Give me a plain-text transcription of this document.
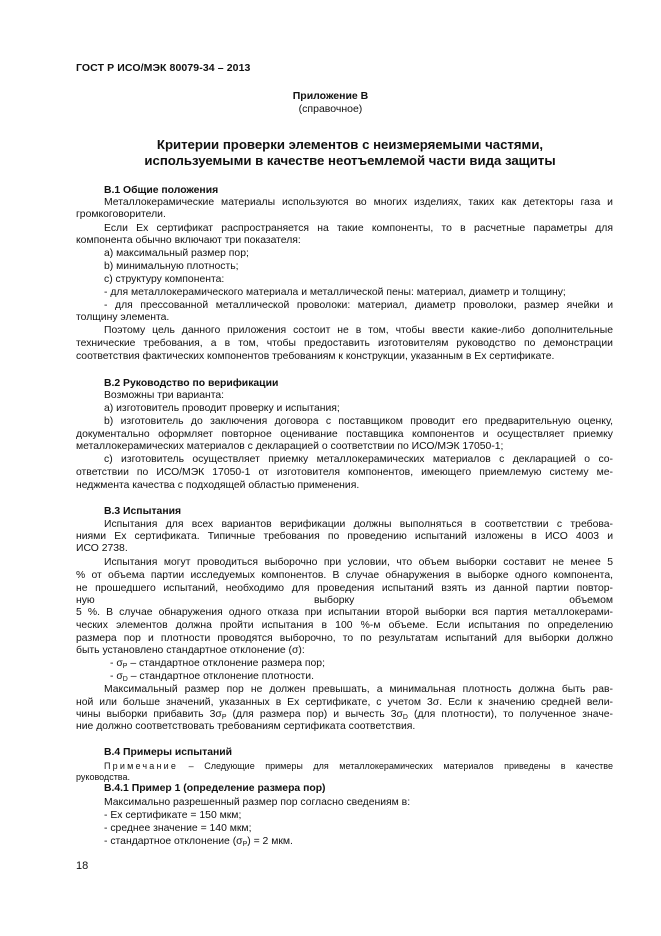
ГОСТ Р ИСО/МЭК 80079-34 – 2013
Приложение B
(справочное)
Критерии проверки элементов с неизмеряемыми частями,
используемыми в качестве неотъемлемой части вида защиты
B.1 Общие положения
Металлокерамические материалы используются во многих изделиях, таких как детекторы газа и
громкоговорители.
Если Ex сертификат распространяется на такие компоненты, то в расчетные параметры для
компонента обычно включают три показателя:
a) максимальный размер пор;
b) минимальную плотность;
c) структуру компонента:
- для металлокерамического материала и металлической пены: материал, диаметр и толщину;
- для прессованной металлической проволоки: материал, диаметр проволоки, размер ячейки и
толщину элемента.
Поэтому цель данного приложения состоит не в том, чтобы ввести какие-либо дополнительные
технические требования, а в том, чтобы предоставить изготовителям руководство по демонстрации
соответствия фактических компонентов требованиям к конструкции, указанным в Ex сертификате.
B.2 Руководство по верификации
Возможны три варианта:
a) изготовитель проводит проверку и испытания;
b) изготовитель до заключения договора с поставщиком проводит его предварительную оценку,
документально оформляет повторное оценивание поставщика компонентов и осуществляет приемку
металлокерамических материалов с декларацией о соответствии по ИСО/МЭК 17050-1;
c) изготовитель осуществляет приемку металлокерамических материалов с декларацией о со-
ответствии по ИСО/МЭК 17050-1 от изготовителя компонентов, имеющего приемлемую систему ме-
неджмента качества с подходящей областью применения.
B.3 Испытания
Испытания для всех вариантов верификации должны выполняться в соответствии с требова-
ниями Ex сертификата. Типичные требования по проведению испытаний изложены в ИСО 4003 и
ИСО 2738.
Испытания могут проводиться выборочно при условии, что объем выборки составит не менее 5
% от объема партии исследуемых компонентов. В случае обнаружения в выборке одного компонента,
не прошедшего испытаний, необходимо для проведения испытаний взять из данной партии повтор-
ную	выборку	объемом
5 %. В случае обнаружения одного отказа при испытании второй выборки вся партия металлокерами-
ческих элементов должна пройти испытания в 100 %-м объеме. Если испытания по определению
размера пор и плотности проводятся выборочно, то по результатам испытаний для выборки должно
быть установлено стандартное отклонение (σ):
- $\sigma_P$ – стандартное отклонение размера пор;
- $\sigma_D$ – стандартное отклонение плотности.
Максимальный размер пор не должен превышать, а минимальная плотность должна быть рав-
ной или больше значений, указанных в Ex сертификате, с учетом 3σ. Если к значению средней вели-
чины выборки прибавить $3\sigma_P$ (для размера пор) и вычесть $3\sigma_D$ (для плотности), то полученное значе-
ние должно соответствовать требованиям сертификата соответствия.
B.4 Примеры испытаний
Примечание – Следующие примеры для металлокерамических материалов приведены в качестве
руководства.
B.4.1 Пример 1 (определение размера пор)
Максимально разрешенный размер пор согласно сведениям в:
- Ex сертификате = 150 мкм;
- среднее значение = 140 мкм;
- стандартное отклонение $(\sigma_P) = 2$ мкм.
18
